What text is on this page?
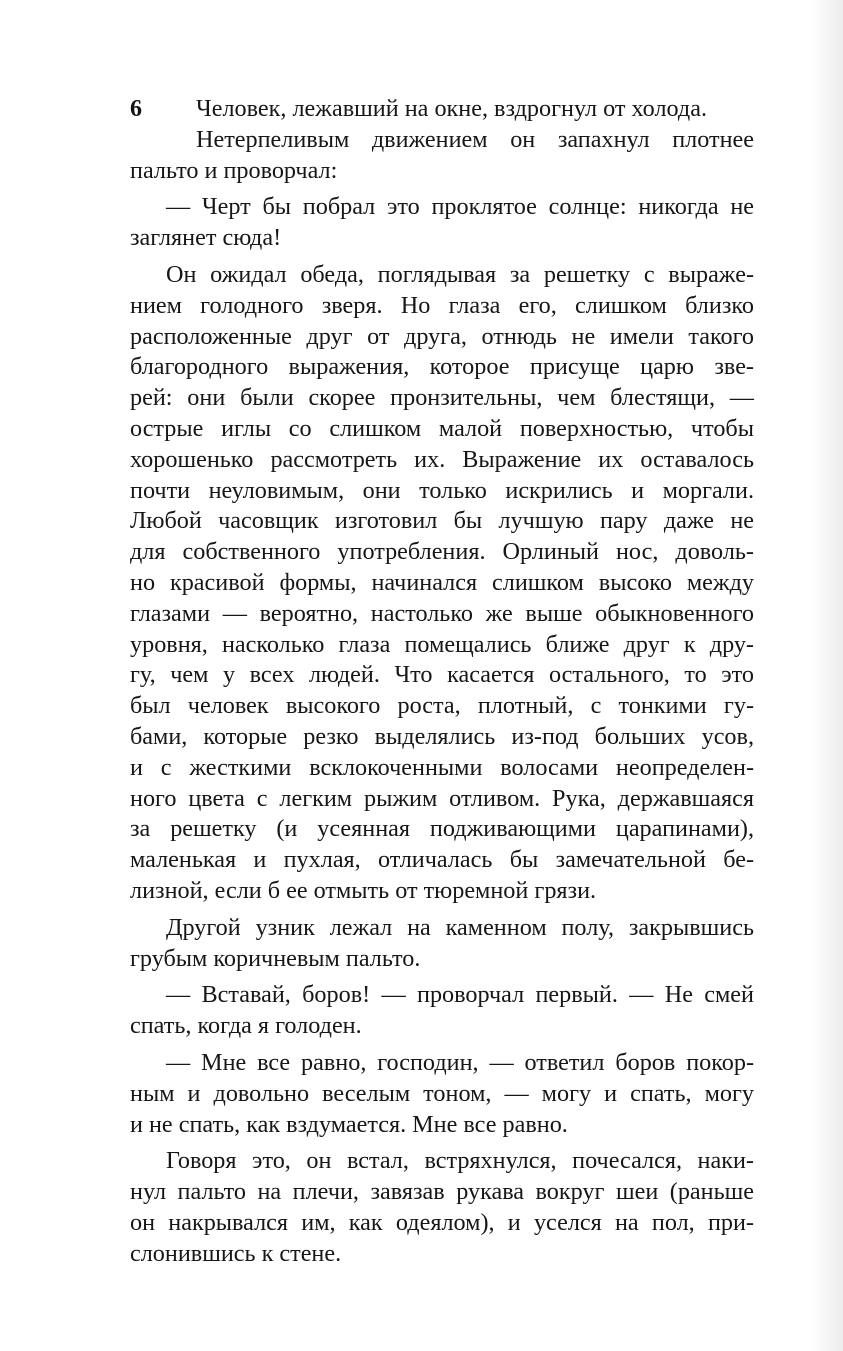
6	Человек, лежавший на окне, вздрогнул от холода.
Нетерпеливым движением он запахнул плотнее
пальто и проворчал:
— Черт бы побрал это проклятое солнце: никогда не
заглянет сюда!
Он ожидал обеда, поглядывая за решетку с выраже-
нием голодного зверя. Но глаза его, слишком близко
расположенные друг от друга, отнюдь не имели такого
благородного выражения, которое присуще царю зве-
рей: они были скорее пронзительны, чем блестящи, —
острые иглы со слишком малой поверхностью, чтобы
хорошенько рассмотреть их. Выражение их оставалось
почти неуловимым, они только искрились и моргали.
Любой часовщик изготовил бы лучшую пару даже не
для собственного употребления. Орлиный нос, доволь-
но красивой формы, начинался слишком высоко между
глазами — вероятно, настолько же выше обыкновенного
уровня, насколько глаза помещались ближе друг к дру-
гу, чем у всех людей. Что касается остального, то это
был человек высокого роста, плотный, с тонкими гу-
бами, которые резко выделялись из-под больших усов,
и с жесткими всклокоченными волосами неопределен-
ного цвета с легким рыжим отливом. Рука, державшаяся
за решетку (и усеянная подживающими царапинами),
маленькая и пухлая, отличалась бы замечательной бе-
лизной, если б ее отмыть от тюремной грязи.
Другой узник лежал на каменном полу, закрывшись
грубым коричневым пальто.
— Вставай, боров! — проворчал первый. — Не смей
спать, когда я голоден.
— Мне все равно, господин, — ответил боров покор-
ным и довольно веселым тоном, — могу и спать, могу
и не спать, как вздумается. Мне все равно.
Говоря это, он встал, встряхнулся, почесался, наки-
нул пальто на плечи, завязав рукава вокруг шеи (раньше
он накрывался им, как одеялом), и уселся на пол, при-
слонившись к стене.
